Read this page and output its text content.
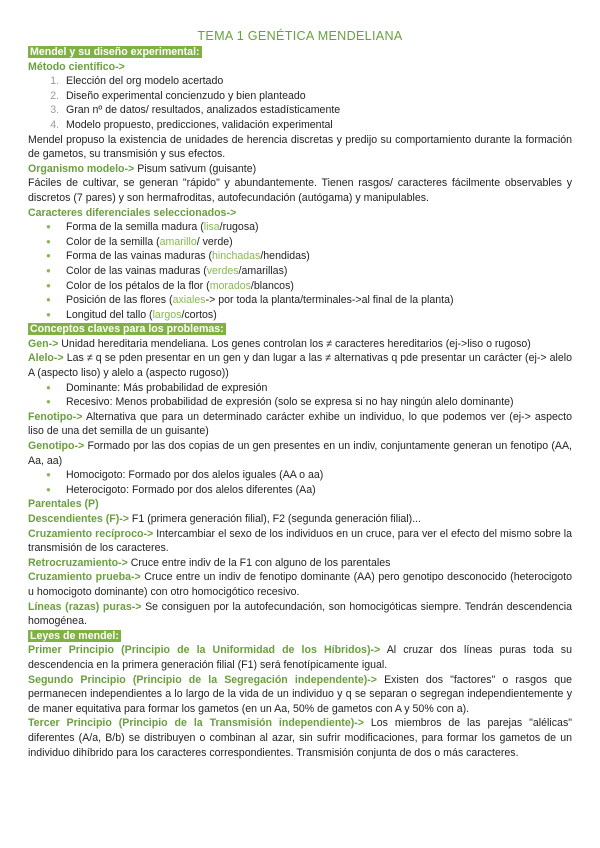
TEMA 1 GENÉTICA MENDELIANA
Mendel y su diseño experimental:
Método científico->
1. Elección del org modelo acertado
2. Diseño experimental concienzudo y bien planteado
3. Gran nº de datos/ resultados, analizados estadísticamente
4. Modelo propuesto, predicciones, validación experimental

Mendel propuso la existencia de unidades de herencia discretas y predijo su comportamiento durante la formación de gametos, su transmisión y sus efectos.

Organismo modelo-> Pisum sativum (guisante)

Fáciles de cultivar, se generan "rápido" y abundantemente. Tienen rasgos/ caracteres fácilmente observables y discretos (7 pares) y son hermafroditas, autofecundación (autógama) y manipulables.

Caracteres diferenciales seleccionados->
● Forma de la semilla madura (lisa/rugosa)
● Color de la semilla (amarillo/ verde)
● Forma de las vainas maduras (hinchadas/hendidas)
● Color de las vainas maduras (verdes/amarillas)
● Color de los pétalos de la flor (morados/blancos)
● Posición de las flores (axiales-> por toda la planta/terminales->al final de la planta)
● Longitud del tallo (largos/cortos)
Conceptos claves para los problemas:

Gen-> Unidad hereditaria mendeliana. Los genes controlan los ≠ caracteres hereditarios (ej->liso o rugoso)

Alelo-> Las ≠ q se pden presentar en un gen y dan lugar a las ≠ alternativas q pde presentar un carácter (ej-> alelo A (aspecto liso) y alelo a (aspecto rugoso))

● Dominante: Más probabilidad de expresión
● Recesivo: Menos probabilidad de expresión (solo se expresa si no hay ningún alelo dominante)

Fenotipo-> Alternativa que para un determinado carácter exhibe un individuo, lo que podemos ver (ej-> aspecto liso de una det semilla de un guisante)

Genotipo-> Formado por las dos copias de un gen presentes en un indiv, conjuntamente generan un fenotipo (AA, Aa, aa)

● Homocigoto: Formado por dos alelos iguales (AA o aa)
● Heterocigoto: Formado por dos alelos diferentes (Aa)

Parentales (P)

Descendientes (F)-> F1 (primera generación filial), F2 (segunda generación filial)...

Cruzamiento recíproco-> Intercambiar el sexo de los individuos en un cruce, para ver el efecto del mismo sobre la transmisión de los caracteres.

Retrocruzamiento-> Cruce entre indiv de la F1 con alguno de los parentales

Cruzamiento prueba-> Cruce entre un indiv de fenotipo dominante (AA) pero genotipo desconocido (heterocigoto u homocigoto dominante) con otro homocigótico recesivo.

Líneas (razas) puras-> Se consiguen por la autofecundación, son homocigóticas siempre. Tendrán descendencia homogénea.

Leyes de mendel:

Primer Principio (Principio de la Uniformidad de los Híbridos)-> Al cruzar dos líneas puras toda su descendencia en la primera generación filial (F1) será fenotípicamente igual.

Segundo Principio (Principio de la Segregación independente)-> Existen dos "factores" o rasgos que permanecen independientes a lo largo de la vida de un individuo y q se separan o segregan independientemente y de maner equitativa para formar los gametos (en un Aa, 50% de gametos con A y 50% con a).

Tercer Principio (Principio de la Transmisión independiente)-> Los miembros de las parejas "alélicas" diferentes (A/a, B/b) se distribuyen o combinan al azar, sin sufrir modificaciones, para formar los gametos de un individuo dihíbrido para los caracteres correspondientes. Transmisión conjunta de dos o más caracteres.
